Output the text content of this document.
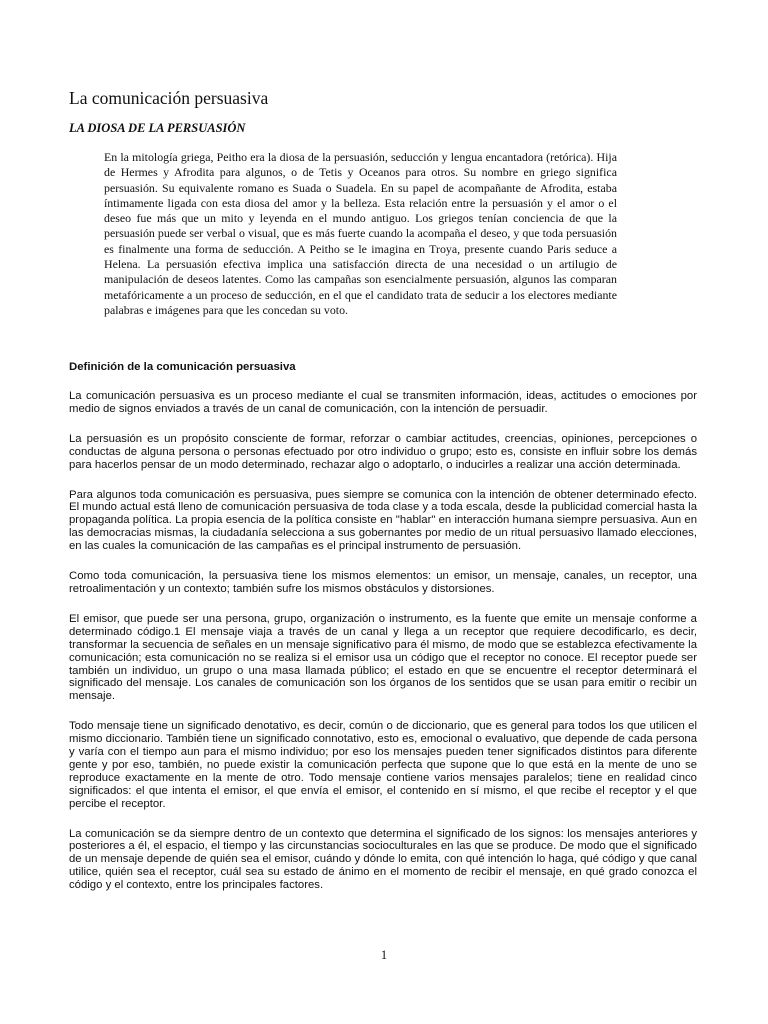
La comunicación persuasiva
LA DIOSA DE LA PERSUASIÓN

En la mitología griega, Peitho era la diosa de la persuasión, seducción y lengua encantadora (retórica). Hija de Hermes y Afrodita para algunos, o de Tetis y Oceanos para otros. Su nombre en griego significa persuasión. Su equivalente romano es Suada o Suadela. En su papel de acompañante de Afrodita, estaba íntimamente ligada con esta diosa del amor y la belleza. Esta relación entre la persuasión y el amor o el deseo fue más que un mito y leyenda en el mundo antiguo. Los griegos tenían conciencia de que la persuasión puede ser verbal o visual, que es más fuerte cuando la acompaña el deseo, y que toda persuasión es finalmente una forma de seducción. A Peitho se le imagina en Troya, presente cuando Paris seduce a Helena. La persuasión efectiva implica una satisfacción directa de una necesidad o un artilugio de manipulación de deseos latentes. Como las campañas son esencialmente persuasión, algunos las comparan metafóricamente a un proceso de seducción, en el que el candidato trata de seducir a los electores mediante palabras e imágenes para que les concedan su voto.

Definición de la comunicación persuasiva

La comunicación persuasiva es un proceso mediante el cual se transmiten información, ideas, actitudes o emociones por medio de signos enviados a través de un canal de comunicación, con la intención de persuadir.

La persuasión es un propósito consciente de formar, reforzar o cambiar actitudes, creencias, opiniones, percepciones o conductas de alguna persona o personas efectuado por otro individuo o grupo; esto es, consiste en influir sobre los demás para hacerlos pensar de un modo determinado, rechazar algo o adoptarlo, o inducirles a realizar una acción determinada.

Para algunos toda comunicación es persuasiva, pues siempre se comunica con la intención de obtener determinado efecto. El mundo actual está lleno de comunicación persuasiva de toda clase y a toda escala, desde la publicidad comercial hasta la propaganda política. La propia esencia de la política consiste en "hablar" en interacción humana siempre persuasiva. Aun en las democracias mismas, la ciudadanía selecciona a sus gobernantes por medio de un ritual persuasivo llamado elecciones, en las cuales la comunicación de las campañas es el principal instrumento de persuasión.

Como toda comunicación, la persuasiva tiene los mismos elementos: un emisor, un mensaje, canales, un receptor, una retroalimentación y un contexto; también sufre los mismos obstáculos y distorsiones.

El emisor, que puede ser una persona, grupo, organización o instrumento, es la fuente que emite un mensaje conforme a determinado código.1 El mensaje viaja a través de un canal y llega a un receptor que requiere decodificarlo, es decir, transformar la secuencia de señales en un mensaje significativo para él mismo, de modo que se establezca efectivamente la comunicación; esta comunicación no se realiza si el emisor usa un código que el receptor no conoce. El receptor puede ser también un individuo, un grupo o una masa llamada público; el estado en que se encuentre el receptor determinará el significado del mensaje. Los canales de comunicación son los órganos de los sentidos que se usan para emitir o recibir un mensaje.

Todo mensaje tiene un significado denotativo, es decir, común o de diccionario, que es general para todos los que utilicen el mismo diccionario. También tiene un significado connotativo, esto es, emocional o evaluativo, que depende de cada persona y varía con el tiempo aun para el mismo individuo; por eso los mensajes pueden tener significados distintos para diferente gente y por eso, también, no puede existir la comunicación perfecta que supone que lo que está en la mente de uno se reproduce exactamente en la mente de otro. Todo mensaje contiene varios mensajes paralelos; tiene en realidad cinco significados: el que intenta el emisor, el que envía el emisor, el contenido en sí mismo, el que recibe el receptor y el que percibe el receptor.

La comunicación se da siempre dentro de un contexto que determina el significado de los signos: los mensajes anteriores y posteriores a él, el espacio, el tiempo y las circunstancias socioculturales en las que se produce. De modo que el significado de un mensaje depende de quién sea el emisor, cuándo y dónde lo emita, con qué intención lo haga, qué código y que canal utilice, quién sea el receptor, cuál sea su estado de ánimo en el momento de recibir el mensaje, en qué grado conozca el código y el contexto, entre los principales factores.

1
